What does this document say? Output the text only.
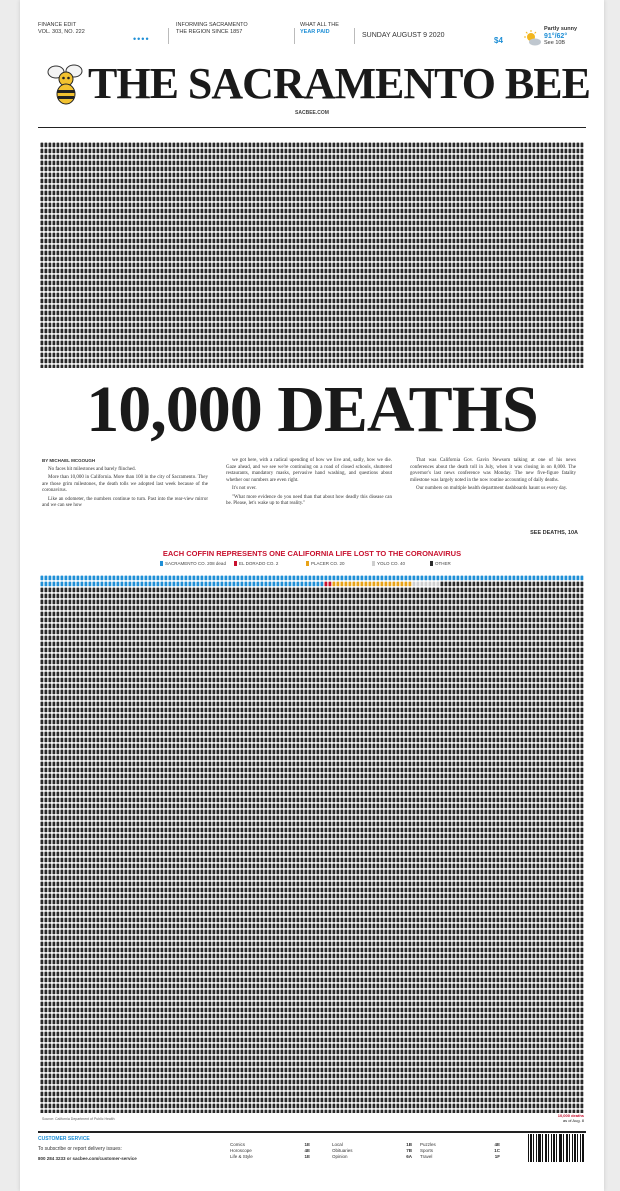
FINANCE EDIT
VOL. 303, NO. 222
••••
INFORMING SACRAMENTO
THE REGION SINCE 1857
WHAT ALL THE
YEAR PAID	SUNDAY AUGUST 9 2020
$4
Partly sunny
91°/62°
See 10B
THE SACRAMENTO BEE
SACBEE.COM
10,000 DEATHS

BY MICHAEL MCGOUGH

No faces hit milestones and barely flinched.

More than 10,000 in California. More than 100 in the city of Sacramento. They are those grim milestones, the death tolls we adopted last week because of the coronavirus.

Like an odometer, the numbers continue to turn. Past into the rear-view mirror and we can see how

we got here, with a radical upending of how we live and, sadly, how we die. Gaze ahead, and we see we're continuing on a road of closed schools, shuttered restaurants, mandatory masks, pervasive hand washing, and questions about whether our numbers are even right.

It's not over.

"What more evidence do you need than that about how deadly this disease can be. Please, let's wake up to that reality."

That was California Gov. Gavin Newsom talking at one of his news conferences about the death toll in July, when it was closing in on 8,000. The governor's last news conference was Monday. The new five-figure fatality milestone was largely noted in the now routine accounting of daily deaths.

Our numbers on multiple health department dashboards haunt us every day.

SEE DEATHS, 10A
EACH COFFIN REPRESENTS ONE CALIFORNIA LIFE LOST TO THE CORONAVIRUS
SACRAMENTO CO. 208 dead	EL DORADO CO. 2	PLACER CO. 20	YOLO CO. 40	OTHER
Source: California Department of Public Health
10,000 deaths
as of Aug. 8
CUSTOMER SERVICE
To subscribe or report delivery issues:
800 284 3233 or sacbee.com/customer-service
Comics	1E
Horoscope	4E
Life & Style	1E
Local	1B
Obituaries	7B
Opinion	6A
Puzzles	4E
Sports	1C
Travel	1F
